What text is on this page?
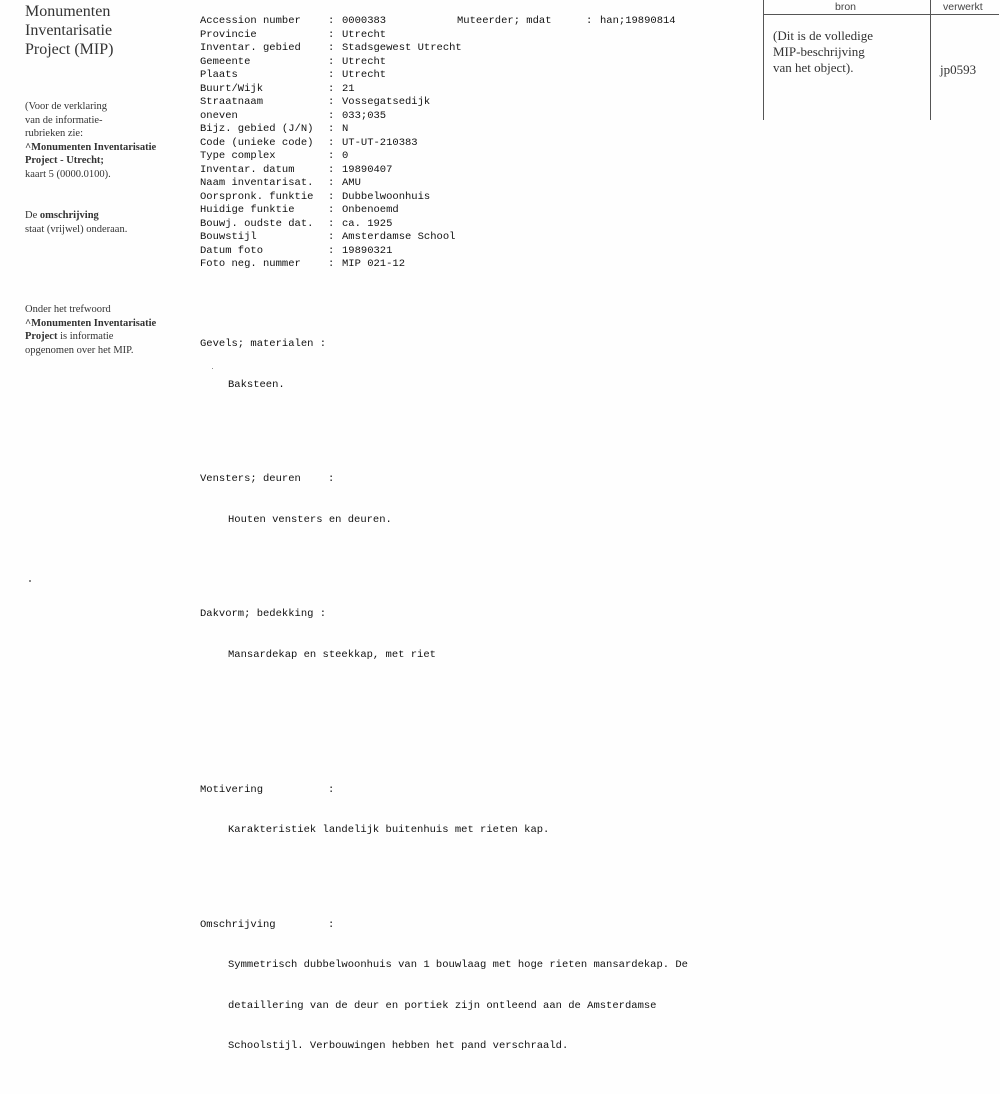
Monumenten
Inventarisatie
Project (MIP)
(Voor de verklaring
van de informatie-
rubrieken zie:
^Monumenten Inventarisatie
Project - Utrecht;
kaart 5 (0000.0100).
De omschrijving
staat (vrijwel) onderaan.
Onder het trefwoord
^Monumenten Inventarisatie
Project is informatie
opgenomen over het MIP.
Accession number	: 0000383
Provincie	: Utrecht
Inventar. gebied	: Stadsgewest Utrecht
Gemeente	: Utrecht
Plaats	: Utrecht
Buurt/Wijk	: 21
Straatnaam	: Vossegatsedijk
oneven	: 033;035
Bijz. gebied (J/N)	: N
Code (unieke code)	: UT-UT-210383
Type complex	: 0
Inventar. datum	: 19890407
Naam inventarisat.	: AMU
Oorspronk. funktie	: Dubbelwoonhuis
Huidige funktie	: Onbenoemd
Bouwj. oudste dat.	: ca. 1925
Bouwstijl	: Amsterdamse School
Datum foto	: 19890321
Foto neg. nummer	: MIP 021-12
Muteerder; mdat	: han;19890814

Gevels; materialen :

Baksteen.

Vensters; deuren	:

Houten vensters en deuren.

Dakvorm; bedekking :

Mansardekap en steekkap, met riet

Motivering	:

Karakteristiek landelijk buitenhuis met rieten kap.

Omschrijving	:

Symmetrisch dubbelwoonhuis van 1 bouwlaag met hoge rieten mansardekap. De

detaillering van de deur en portiek zijn ontleend aan de Amsterdamse

Schoolstijl. Verbouwingen hebben het pand verschraald.

bron	verwerkt
(Dit is de volledige
MIP-beschrijving
van het object).	jp0593
